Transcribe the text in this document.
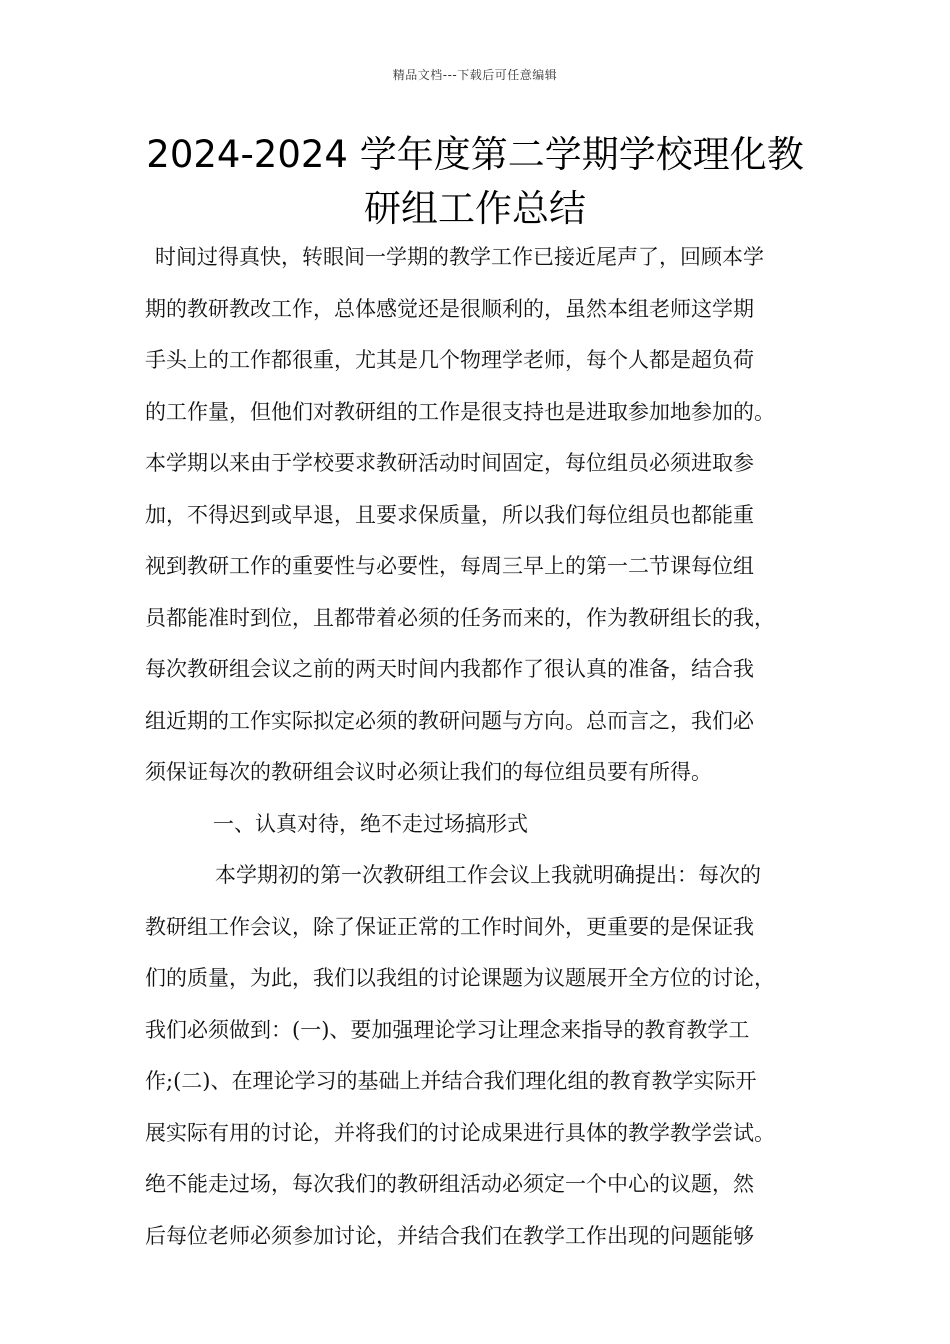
精品文档---下载后可任意编辑
2024-2024 学年度第二学期学校理化教
研组工作总结
时间过得真快，转眼间一学期的教学工作已接近尾声了，回顾本学
期的教研教改工作，总体感觉还是很顺利的，虽然本组老师这学期
手头上的工作都很重，尤其是几个物理学老师，每个人都是超负荷
的工作量，但他们对教研组的工作是很支持也是进取参加地参加的。
本学期以来由于学校要求教研活动时间固定，每位组员必须进取参
加，不得迟到或早退，且要求保质量，所以我们每位组员也都能重
视到教研工作的重要性与必要性，每周三早上的第一二节课每位组
员都能准时到位，且都带着必须的任务而来的，作为教研组长的我，
每次教研组会议之前的两天时间内我都作了很认真的准备，结合我
组近期的工作实际拟定必须的教研问题与方向。总而言之，我们必
须保证每次的教研组会议时必须让我们的每位组员要有所得。
一、认真对待，绝不走过场搞形式
本学期初的第一次教研组工作会议上我就明确提出：每次的
教研组工作会议，除了保证正常的工作时间外，更重要的是保证我
们的质量，为此，我们以我组的讨论课题为议题展开全方位的讨论，
我们必须做到：(一)、要加强理论学习让理念来指导的教育教学工
作;(二)、在理论学习的基础上并结合我们理化组的教育教学实际开
展实际有用的讨论，并将我们的讨论成果进行具体的教学教学尝试。
绝不能走过场，每次我们的教研组活动必须定一个中心的议题，然
后每位老师必须参加讨论，并结合我们在教学工作出现的问题能够
